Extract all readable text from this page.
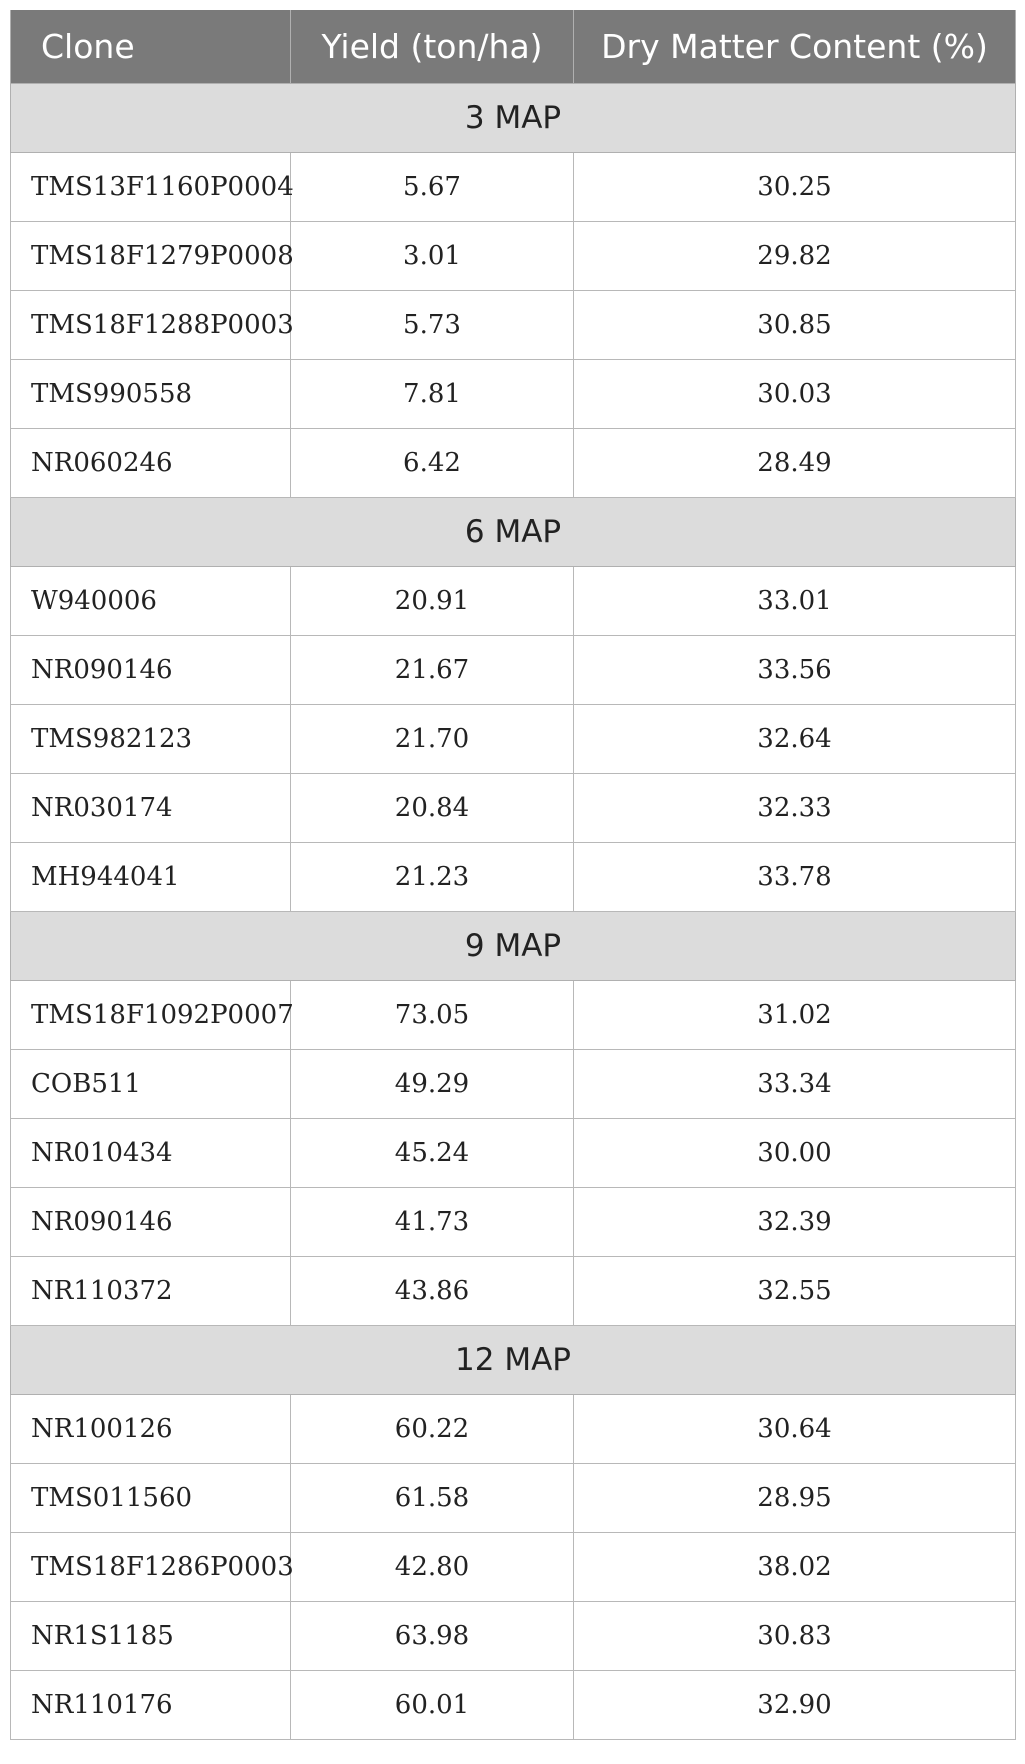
Clone	Yield (ton/ha)	Dry Matter Content (%)
3 MAP		
TMS13F1160P0004	5.67	30.25
TMS18F1279P0008	3.01	29.82
TMS18F1288P0003	5.73	30.85
TMS990558	7.81	30.03
NR060246	6.42	28.49
6 MAP		
W940006	20.91	33.01
NR090146	21.67	33.56
TMS982123	21.70	32.64
NR030174	20.84	32.33
MH944041	21.23	33.78
9 MAP		
TMS18F1092P0007	73.05	31.02
COB511	49.29	33.34
NR010434	45.24	30.00
NR090146	41.73	32.39
NR110372	43.86	32.55
12 MAP		
NR100126	60.22	30.64
TMS011560	61.58	28.95
TMS18F1286P0003	42.80	38.02
NR1S1185	63.98	30.83
NR110176	60.01	32.90
